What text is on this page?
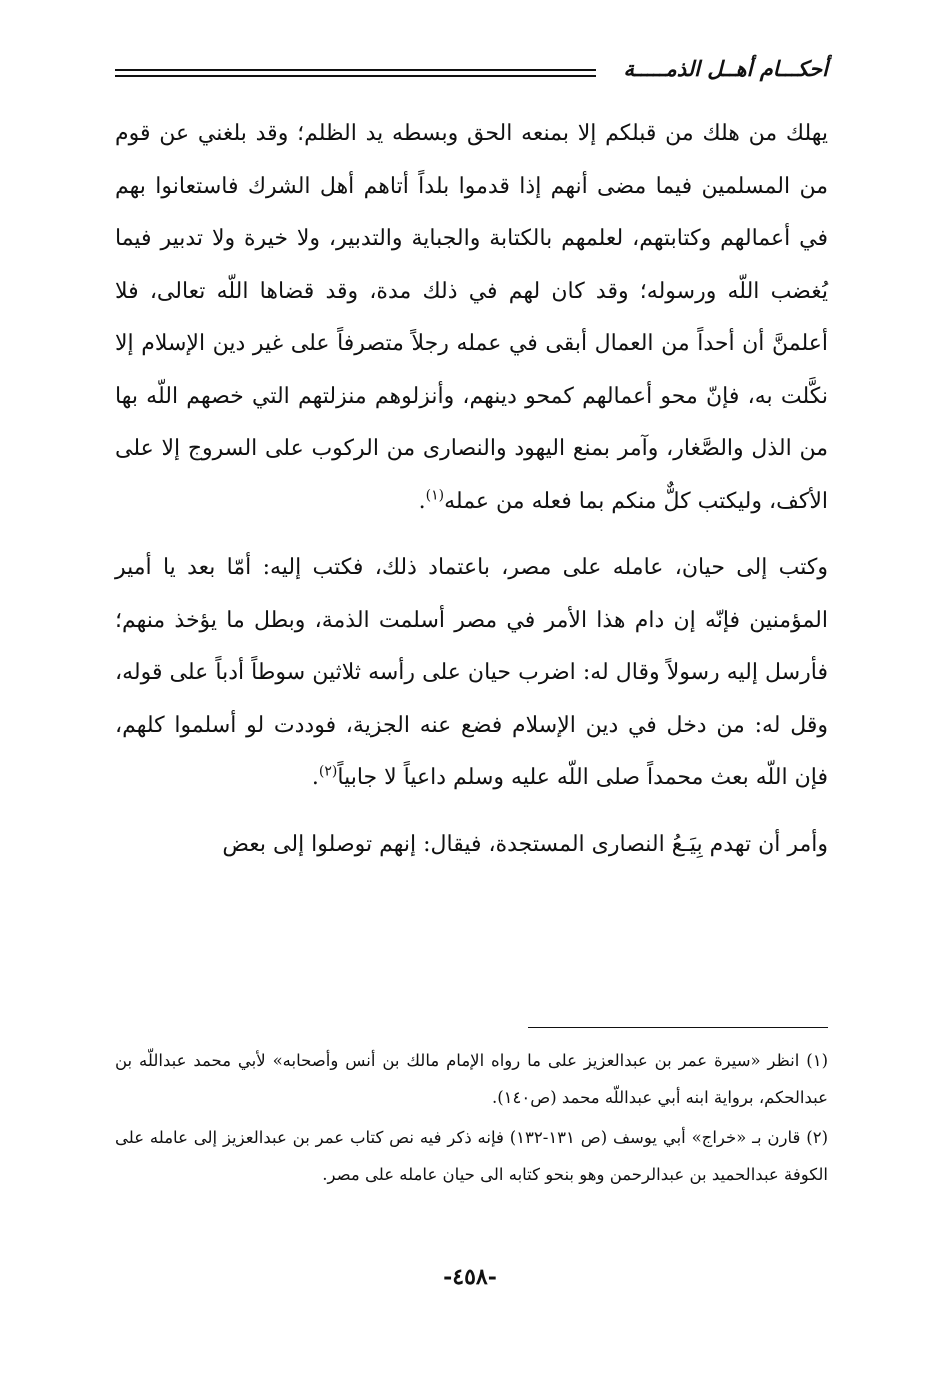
أحكـــام أهــل الذمـــــة

يهلك من هلك من قبلكم إلا بمنعه الحق وبسطه يد الظلم؛ وقد بلغني عن قوم من المسلمين فيما مضى أنهم إذا قدموا بلداً أتاهم أهل الشرك فاستعانوا بهم في أعمالهم وكتابتهم، لعلمهم بالكتابة والجباية والتدبير، ولا خيرة ولا تدبير فيما يُغضب اللّه ورسوله؛ وقد كان لهم في ذلك مدة، وقد قضاها اللّه تعالى، فلا أعلمنَّ أن أحداً من العمال أبقى في عمله رجلاً متصرفاً على غير دين الإسلام إلا نكَّلت به، فإنّ محو أعمالهم كمحو دينهم، وأنزلوهم منزلتهم التي خصهم اللّه بها من الذل والصَّغار، وآمر بمنع اليهود والنصارى من الركوب على السروج إلا على الأكف، وليكتب كلٌّ منكم بما فعله من عمله$^{(١)}$.

وكتب إلى حيان، عامله على مصر، باعتماد ذلك، فكتب إليه: أمّا بعد يا أمير المؤمنين فإنّه إن دام هذا الأمر في مصر أسلمت الذمة، وبطل ما يؤخذ منهم؛ فأرسل إليه رسولاً وقال له: اضرب حيان على رأسه ثلاثين سوطاً أدباً على قوله، وقل له: من دخل في دين الإسلام فضع عنه الجزية، فوددت لو أسلموا كلهم، فإن اللّه بعث محمداً صلى اللّه عليه وسلم داعياً لا جابياً$^{(٢)}$.

وأمر أن تهدم بِيَـعُ النصارى المستجدة، فيقال: إنهم توصلوا إلى بعض

(١) انظر «سيرة عمر بن عبدالعزيز على ما رواه الإمام مالك بن أنس وأصحابه» لأبي محمد عبداللّه بن عبدالحكم، برواية ابنه أبي عبداللّه محمد (ص١٤٠).

(٢) قارن بـ «خراج» أبي يوسف (ص ١٣١-١٣٢) فإنه ذكر فيه نص كتاب عمر بن عبدالعزيز إلى عامله على الكوفة عبدالحميد بن عبدالرحمن وهو بنحو كتابه الى حيان عامله على مصر.

-٤٥٨-
